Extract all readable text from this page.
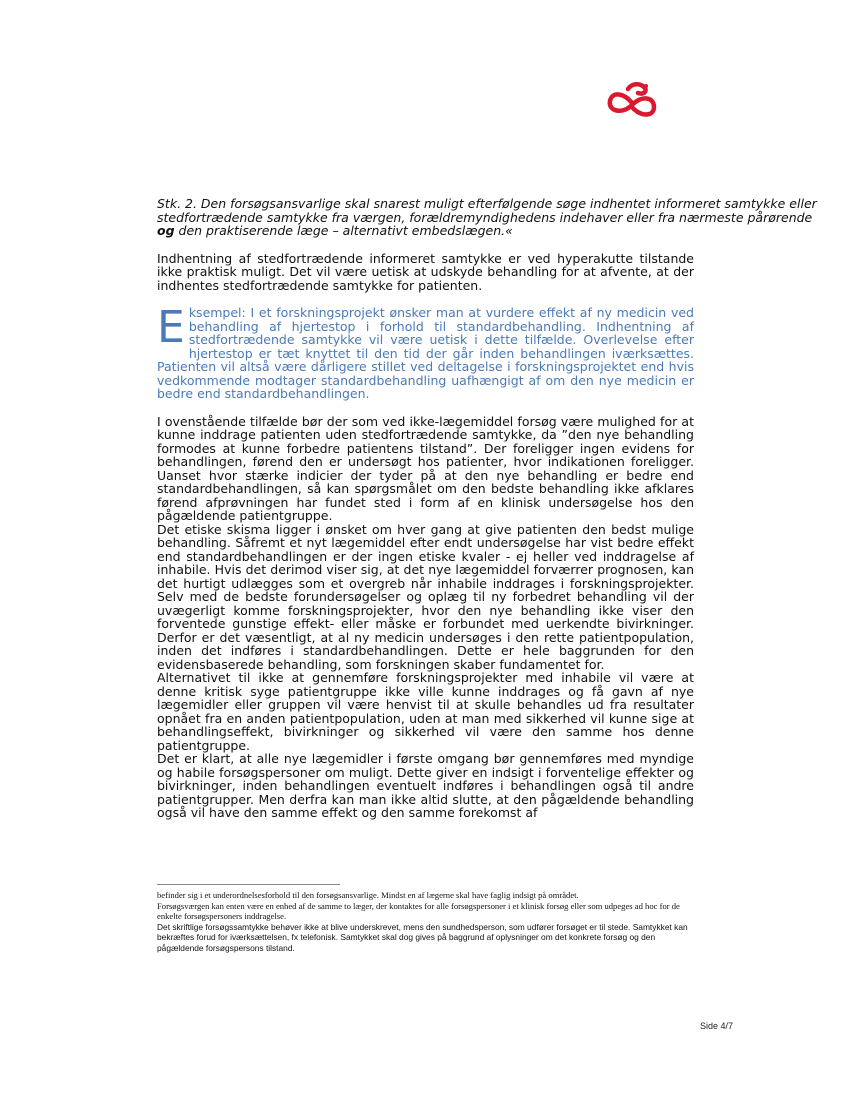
Stk. 2. Den forsøgsansvarlige skal snarest muligt efterfølgende søge indhentet informeret samtykke eller stedfortrædende samtykke fra værgen, forældremyndighedens indehaver eller fra nærmeste pårørende og den praktiserende læge – alternativt embedslægen.«

Indhentning af stedfortrædende informeret samtykke er ved hyperakutte tilstande ikke praktisk muligt. Det vil være uetisk at udskyde behandling for at afvente, at der indhentes stedfortrædende samtykke for patienten.

Eksempel: I et forskningsprojekt ønsker man at vurdere effekt af ny medicin ved behandling af hjertestop i forhold til standardbehandling. Indhentning af stedfortrædende samtykke vil være uetisk i dette tilfælde. Overlevelse efter hjertestop er tæt knyttet til den tid der går inden behandlingen iværksættes. Patienten vil altså være dårligere stillet ved deltagelse i forskningsprojektet end hvis vedkommende modtager standardbehandling uafhængigt af om den nye medicin er bedre end standardbehandlingen.

I ovenstående tilfælde bør der som ved ikke-lægemiddel forsøg være mulighed for at kunne inddrage patienten uden stedfortrædende samtykke, da ”den nye behandling formodes at kunne forbedre patientens tilstand”. Der foreligger ingen evidens for behandlingen, førend den er undersøgt hos patienter, hvor indikationen foreligger. Uanset hvor stærke indicier der tyder på at den nye behandling er bedre end standardbehandlingen, så kan spørgsmålet om den bedste behandling ikke afklares førend afprøvningen har fundet sted i form af en klinisk undersøgelse hos den pågældende patientgruppe.

Det etiske skisma ligger i ønsket om hver gang at give patienten den bedst mulige behandling. Såfremt et nyt lægemiddel efter endt undersøgelse har vist bedre effekt end standardbehandlingen er der ingen etiske kvaler - ej heller ved inddragelse af inhabile. Hvis det derimod viser sig, at det nye lægemiddel forværrer prognosen, kan det hurtigt udlægges som et overgreb når inhabile inddrages i forskningsprojekter. Selv med de bedste forundersøgelser og oplæg til ny forbedret behandling vil der uvægerligt komme forskningsprojekter, hvor den nye behandling ikke viser den forventede gunstige effekt- eller måske er forbundet med uerkendte bivirkninger. Derfor er det væsentligt, at al ny medicin undersøges i den rette patientpopulation, inden det indføres i standardbehandlingen. Dette er hele baggrunden for den evidensbaserede behandling, som forskningen skaber fundamentet for.

Alternativet til ikke at gennemføre forskningsprojekter med inhabile vil være at denne kritisk syge patientgruppe ikke ville kunne inddrages og få gavn af nye lægemidler eller gruppen vil være henvist til at skulle behandles ud fra resultater opnået fra en anden patientpopulation, uden at man med sikkerhed vil kunne sige at behandlingseffekt, bivirkninger og sikkerhed vil være den samme hos denne patientgruppe.

Det er klart, at alle nye lægemidler i første omgang bør gennemføres med myndige og habile forsøgspersoner om muligt. Dette giver en indsigt i forventelige effekter og bivirkninger, inden behandlingen eventuelt indføres i behandlingen også til andre patientgrupper. Men derfra kan man ikke altid slutte, at den pågældende behandling også vil have den samme effekt og den samme forekomst af

befinder sig i et underordnelsesforhold til den forsøgsansvarlige. Mindst en af lægerne skal have faglig indsigt på området.

Forsøgsværgen kan enten være en enhed af de samme to læger, der kontaktes for alle forsøgspersoner i et klinisk forsøg eller som udpeges ad hoc for de enkelte forsøgspersoners inddragelse.

Det skriftlige forsøgssamtykke behøver ikke at blive underskrevet, mens den sundhedsperson, som udfører forsøget er til stede. Samtykket kan bekræftes forud for iværksættelsen, fx telefonisk. Samtykket skal dog gives på baggrund af oplysninger om det konkrete forsøg og den pågældende forsøgspersons tilstand.

Side 4/7
